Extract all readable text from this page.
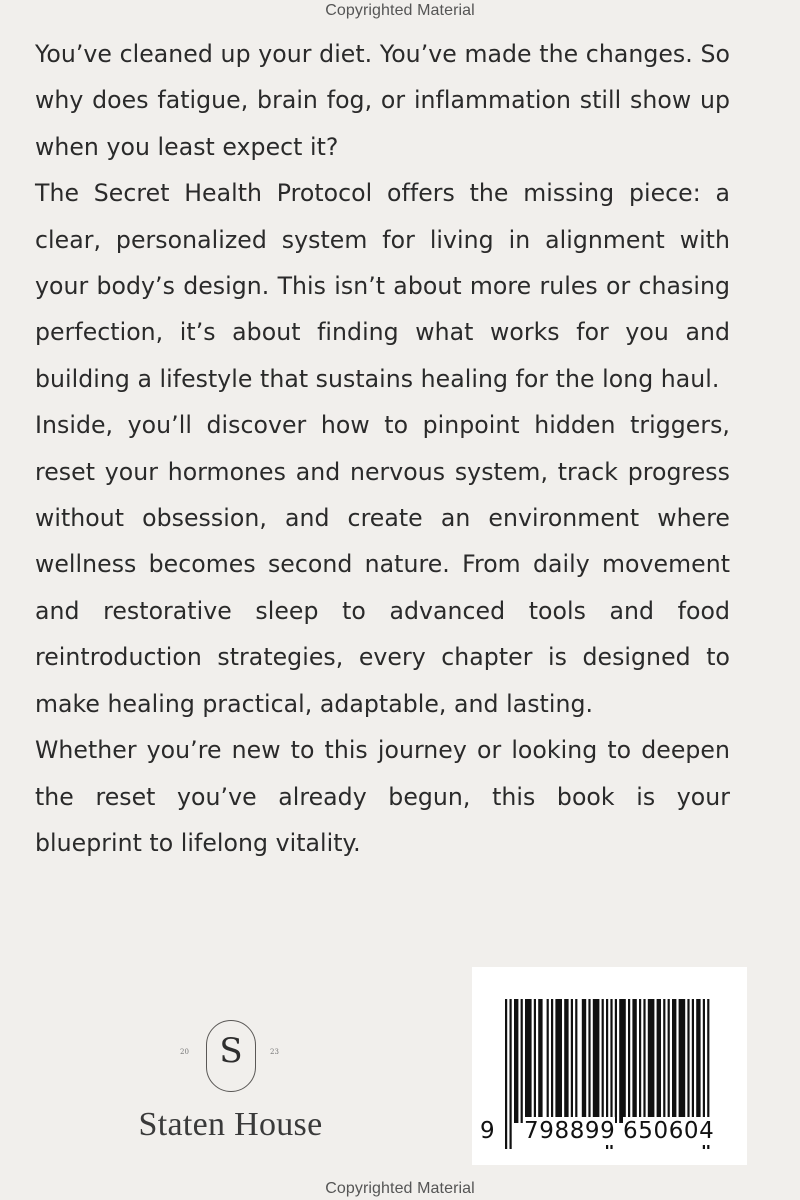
Copyrighted Material

You’ve cleaned up your diet. You’ve made the changes. So why does fatigue, brain fog, or inflammation still show up when you least expect it?

The Secret Health Protocol offers the missing piece: a clear, personalized system for living in alignment with your body’s design. This isn’t about more rules or chasing perfection, it’s about finding what works for you and building a lifestyle that sustains healing for the long haul.

Inside, you’ll discover how to pinpoint hidden triggers, reset your hormones and nervous system, track progress without obsession, and create an environment where wellness becomes second nature. From daily movement and restorative sleep to advanced tools and food reintroduction strategies, every chapter is designed to make healing practical, adaptable, and lasting.

Whether you’re new to this journey or looking to deepen the reset you’ve already begun, this book is your blueprint to lifelong vitality.

20 S	23
Staten House	9 798899 650604
Copyrighted Material
